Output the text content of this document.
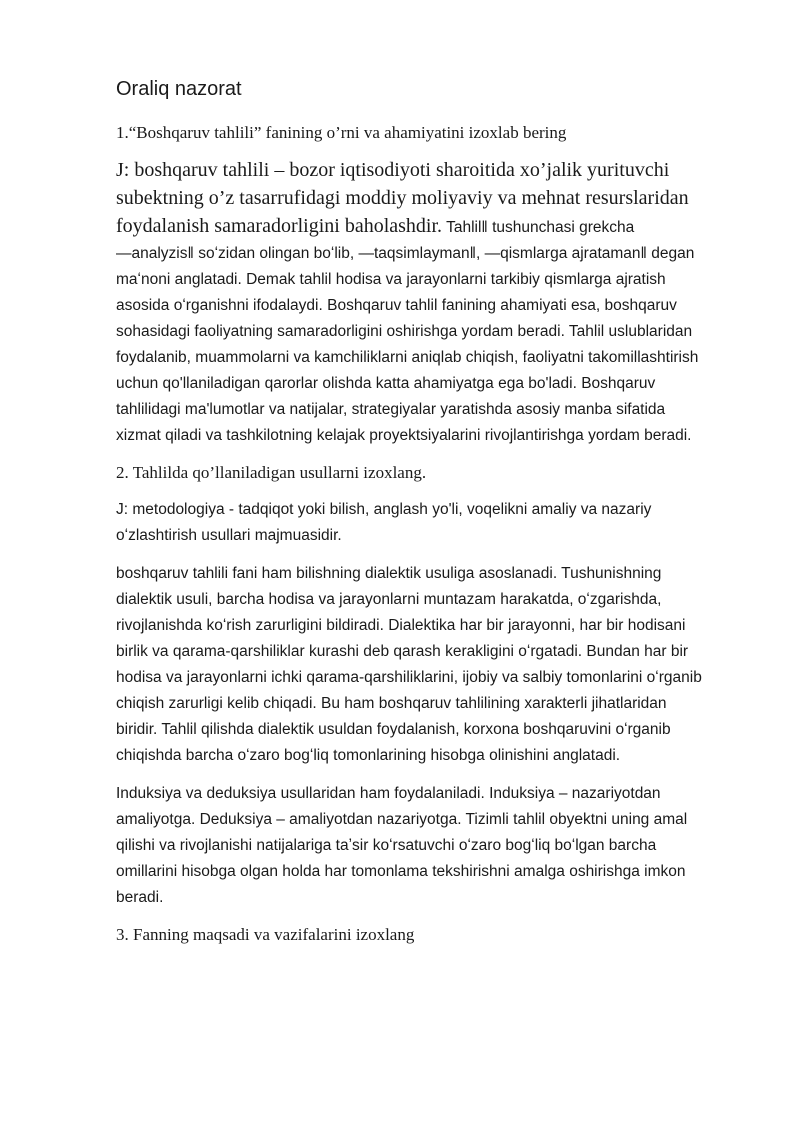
Oraliq nazorat

1.“Boshqaruv tahlili” fanining o’rni va ahamiyatini izoxlab bering

J: boshqaruv tahlili – bozor iqtisodiyoti sharoitida xo’jalik yurituvchi subektning o’z tasarrufidagi moddiy moliyaviy va mehnat resurslaridan foydalanish samaradorligini baholashdir. Tahlil‖ tushunchasi grekcha ―analyzis‖ soʻzidan olingan boʻlib, ―taqsimlayman‖, ―qismlarga ajrataman‖ degan maʻnoni anglatadi. Demak tahlil hodisa va jarayonlarni tarkibiy qismlarga ajratish asosida oʻrganishni ifodalaydi. Boshqaruv tahlil fanining ahamiyati esa, boshqaruv sohasidagi faoliyatning samaradorligini oshirishga yordam beradi. Tahlil uslublaridan foydalanib, muammolarni va kamchiliklarni aniqlab chiqish, faoliyatni takomillashtirish uchun qo'llaniladigan qarorlar olishda katta ahamiyatga ega bo'ladi. Boshqaruv tahlilidagi ma'lumotlar va natijalar, strategiyalar yaratishda asosiy manba sifatida xizmat qiladi va tashkilotning kelajak proyektsiyalarini rivojlantirishga yordam beradi.

2. Tahlilda qo’llaniladigan usullarni izoxlang.

J: metodologiya - tadqiqot yoki bilish, anglash yo'li, voqelikni amaliy va nazariy oʻzlashtirish usullari majmuasidir.

boshqaruv tahlili fani ham bilishning dialektik usuliga asoslanadi. Tushunishning dialektik usuli, barcha hodisa va jarayonlarni muntazam harakatda, oʻzgarishda, rivojlanishda koʻrish zarurligini bildiradi. Dialektika har bir jarayonni, har bir hodisani birlik va qarama-qarshiliklar kurashi deb qarash kerakligini oʻrgatadi. Bundan har bir hodisa va jarayonlarni ichki qarama-qarshiliklarini, ijobiy va salbiy tomonlarini oʻrganib chiqish zarurligi kelib chiqadi. Bu ham boshqaruv tahlilining xarakterli jihatlaridan biridir. Tahlil qilishda dialektik usuldan foydalanish, korxona boshqaruvini oʻrganib chiqishda barcha oʻzaro bogʻliq tomonlarining hisobga olinishini anglatadi.

Induksiya va deduksiya usullaridan ham foydalaniladi. Induksiya – nazariyotdan amaliyotga. Deduksiya – amaliyotdan nazariyotga. Tizimli tahlil obyektni uning amal qilishi va rivojlanishi natijalariga taʼsir koʻrsatuvchi oʻzaro bogʻliq boʻlgan barcha omillarini hisobga olgan holda har tomonlama tekshirishni amalga oshirishga imkon beradi.

3. Fanning maqsadi va vazifalarini izoxlang
